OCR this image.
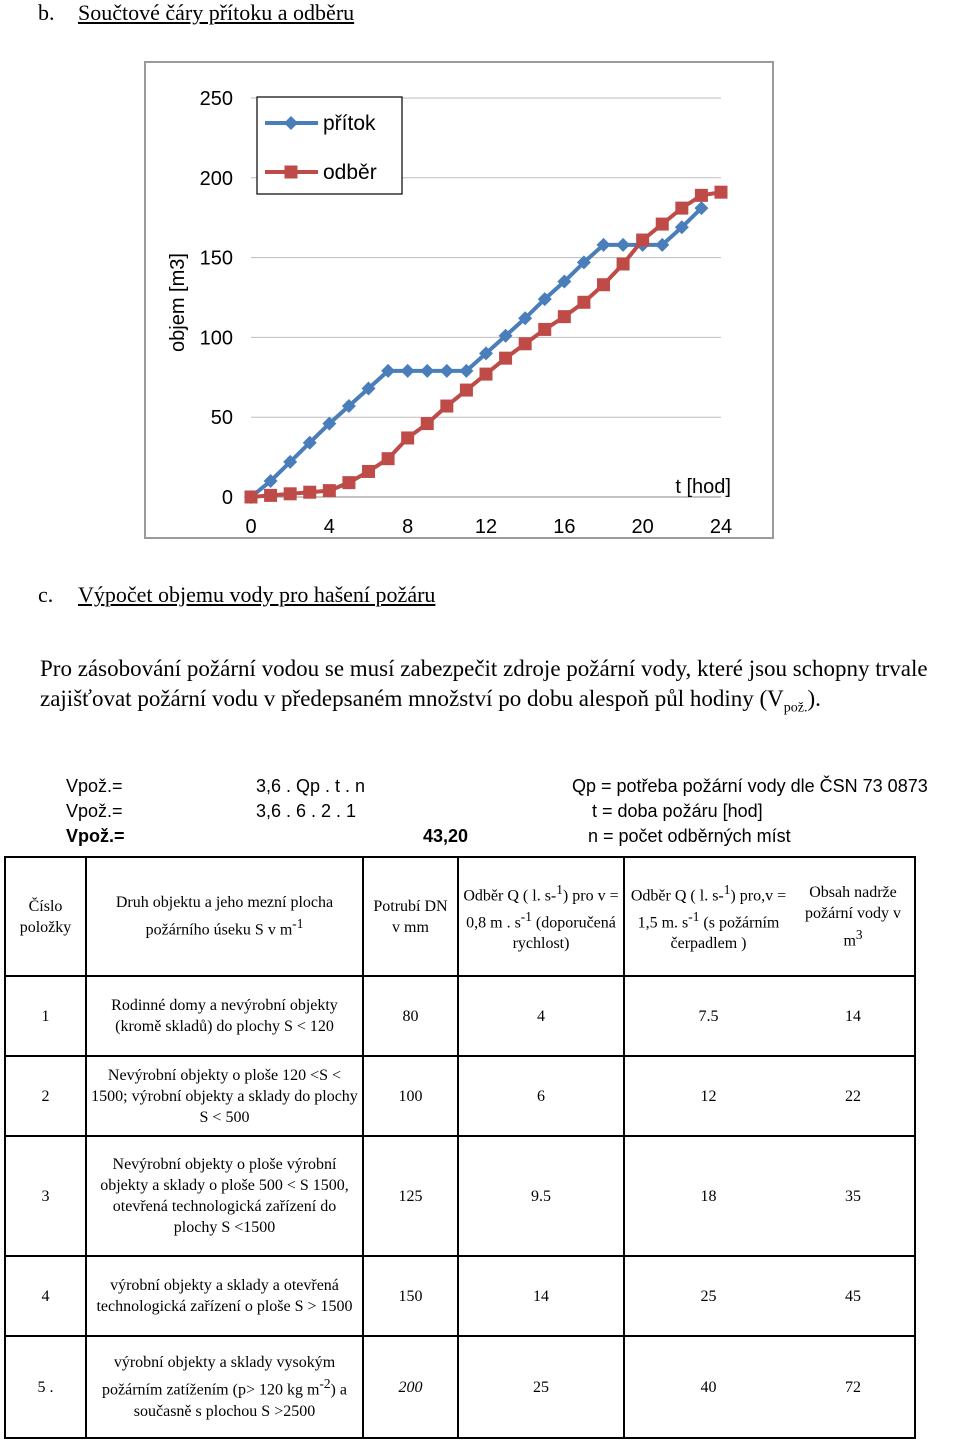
b. Součtové čáry přítoku a odběru
0
50
100
150
200
250
0	4	8	12	16	20	24
objem [m3]
t [hod]
přítok
odběr
c. Výpočet objemu vody pro hašení požáru
Pro zásobování požární vodou se musí zabezpečit zdroje požární vody, které jsou schopny trvale zajišťovat požární vodu v předepsaném množství po dobu alespoň půl hodiny $(V_{pož.})$.
Vpož.=	3,6 . Qp . t . n
Vpož.=	3,6 . 6 . 2 . 1
Vpož.=	43,20
Qp = potřeba požární vody dle ČSN 73 0873
t = doba požáru [hod]
n = počet odběrných míst
Číslo položky	Druh objektu a jeho mezní plocha požárního úseku S v $m^{-1}$	Potrubí DN v mm	Odběr Q ( l. s-$^1$) pro v = 0,8 m . $s^{-1}$ (doporučená rychlost)	Odběr Q ( l. s-$^1$) pro,v = 1,5 m. $s^{-1}$ (s požárním čerpadlem )	Obsah nadrže požární vody v $m^3$
1	Rodinné domy a nevýrobní objekty (kromě skladů) do plochy S < 120	80	4	7.5	14
2	Nevýrobní objekty o ploše 120 <S < 1500; výrobní objekty a sklady do plochy S < 500	100	6	12	22
3	Nevýrobní objekty o ploše výrobní objekty a sklady o ploše 500 < S 1500, otevřená technologická zařízení do plochy S <1500	125	9.5	18	35
4	výrobní objekty a sklady a otevřená technologická zařízení o ploše S > 1500	150	14	25	45
5 .	výrobní objekty a sklady vysokým požárním zatížením (p> 120 kg $m^{-2}$) a současně s plochou S >2500	200	25	40	72
